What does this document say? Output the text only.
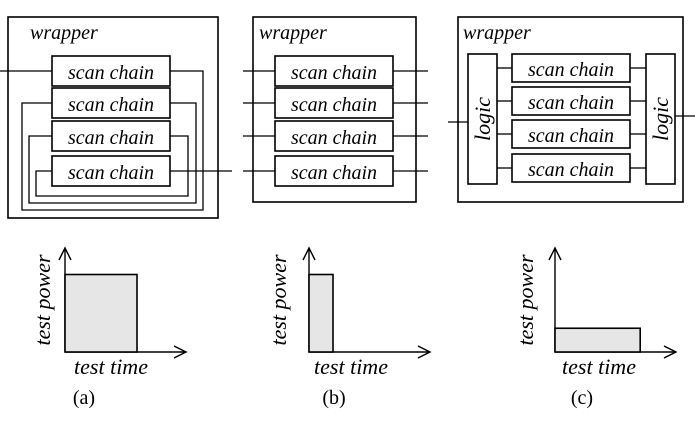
wrapper
scan chain
scan chain
scan chain
scan chain
wrapper
scan chain
scan chain
scan chain
scan chain
wrapper
logic	logic
scan chain
scan chain
scan chain
scan chain
test power
test time
(a)
test power
test time
(b)
test power
test time
(c)
